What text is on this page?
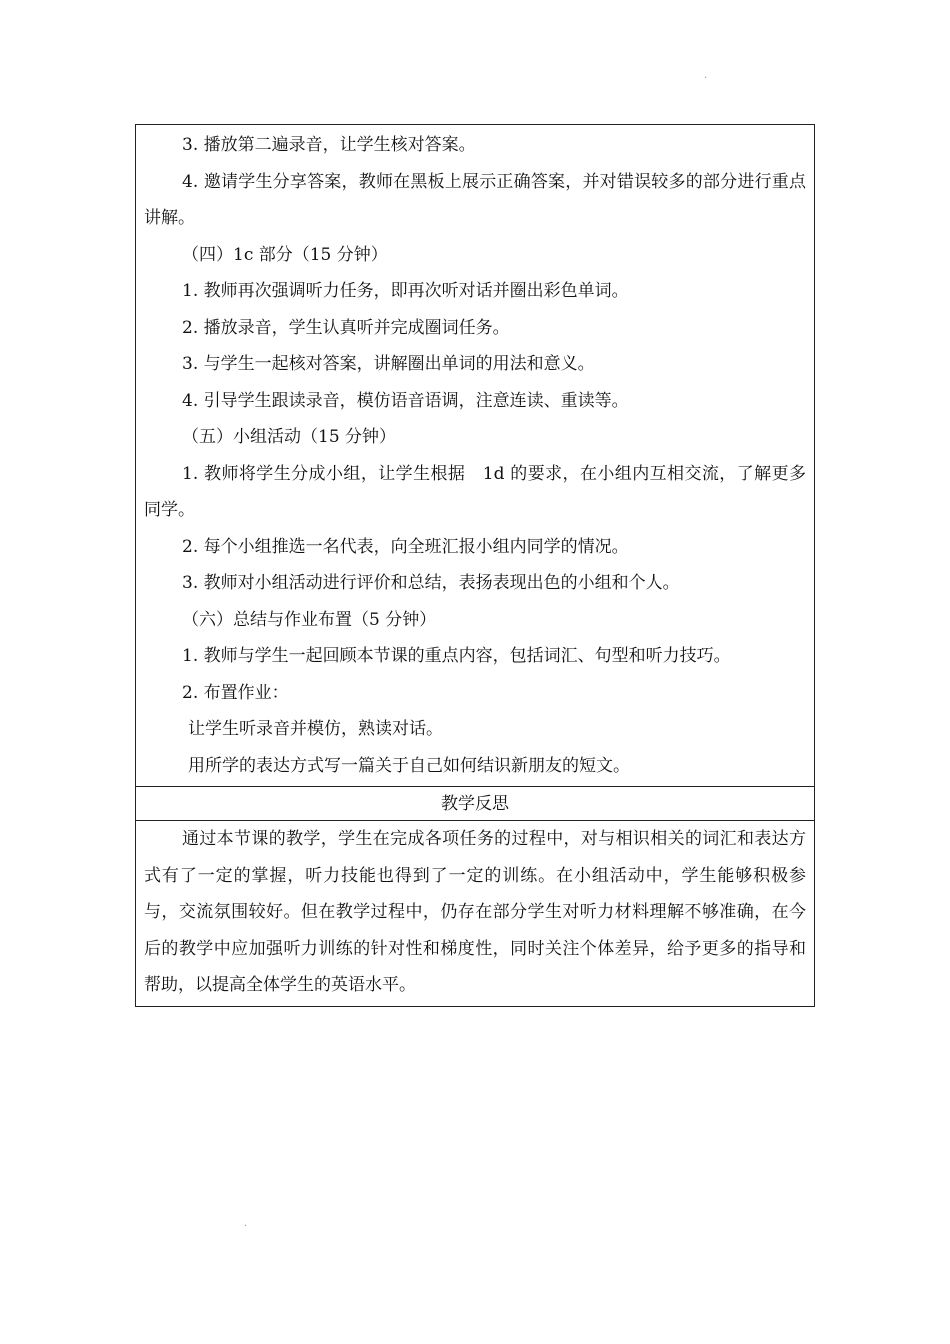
·

3. 播放第二遍录音，让学生核对答案。

4. 邀请学生分享答案，教师在黑板上展示正确答案，并对错误较多的部分进行重点讲解。

（四）1c 部分（15 分钟）

1. 教师再次强调听力任务，即再次听对话并圈出彩色单词。

2. 播放录音，学生认真听并完成圈词任务。

3. 与学生一起核对答案，讲解圈出单词的用法和意义。

4. 引导学生跟读录音，模仿语音语调，注意连读、重读等。

（五）小组活动（15 分钟）

1. 教师将学生分成小组，让学生根据　1d 的要求，在小组内互相交流，了解更多同学。

2. 每个小组推选一名代表，向全班汇报小组内同学的情况。

3. 教师对小组活动进行评价和总结，表扬表现出色的小组和个人。

（六）总结与作业布置（5 分钟）

1. 教师与学生一起回顾本节课的重点内容，包括词汇、句型和听力技巧。

2. 布置作业：

让学生听录音并模仿，熟读对话。

用所学的表达方式写一篇关于自己如何结识新朋友的短文。

教学反思

通过本节课的教学，学生在完成各项任务的过程中，对与相识相关的词汇和表达方式有了一定的掌握，听力技能也得到了一定的训练。在小组活动中，学生能够积极参与，交流氛围较好。但在教学过程中，仍存在部分学生对听力材料理解不够准确，在今后的教学中应加强听力训练的针对性和梯度性，同时关注个体差异，给予更多的指导和帮助，以提高全体学生的英语水平。

·
